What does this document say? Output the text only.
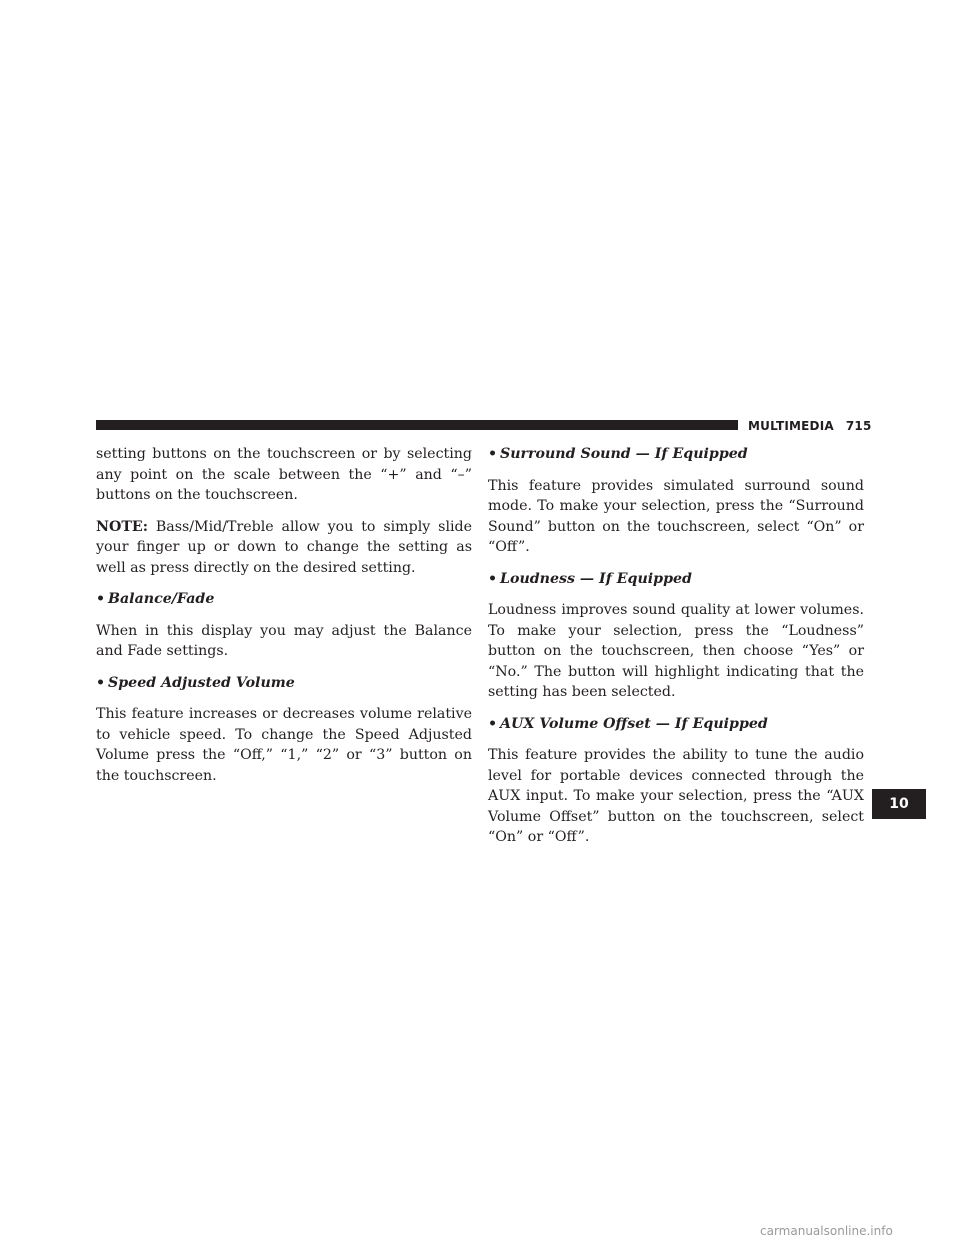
MULTIMEDIA 715

setting buttons on the touchscreen or by selecting any point on the scale between the “+” and “–” buttons on the touchscreen.

NOTE: Bass/Mid/Treble allow you to simply slide your finger up or down to change the setting as well as press directly on the desired setting.

• Balance/Fade

When in this display you may adjust the Balance and Fade settings.

• Speed Adjusted Volume

This feature increases or decreases volume relative to vehicle speed. To change the Speed Adjusted Volume press the “Off,” “1,” “2” or “3” button on the touchscreen.

• Surround Sound — If Equipped

This feature provides simulated surround sound mode. To make your selection, press the “Surround Sound” button on the touchscreen, select “On” or “Off”.

• Loudness — If Equipped

Loudness improves sound quality at lower volumes. To make your selection, press the “Loudness” button on the touchscreen, then choose “Yes” or “No.” The button will highlight indicating that the setting has been selected.

• AUX Volume Offset — If Equipped

This feature provides the ability to tune the audio level for portable devices connected through the AUX input. To make your selection, press the “AUX Volume Offset” button on the touchscreen, select “On” or “Off”.

10
carmanualsonline.info
